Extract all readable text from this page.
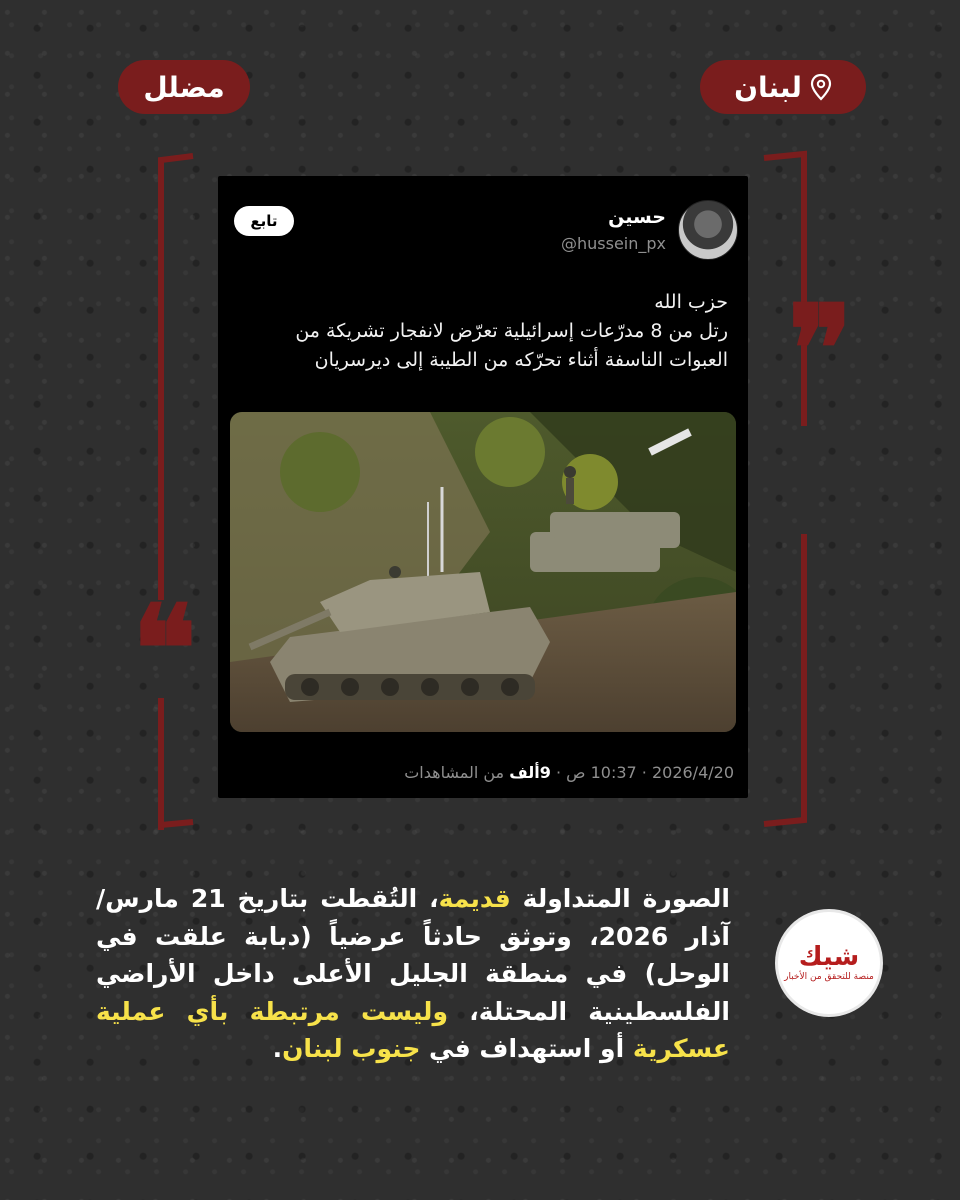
لبنان
مضلل
❝
❞
حسين
@hussein_px
تابع
حزب الله
رتل من 8 مدرّعات إسرائيلية تعرّض لانفجار تشريكة من
العبوات الناسفة أثناء تحرّكه من الطيبة إلى ديرسريان
2026/4/20 · 10:37 ص · 9ألف من المشاهدات
شيك
منصة للتحقق من الأخبار
الصورة المتداولة قديمة، التُقطت بتاريخ 21 مارس/آذار 2026، وتوثق حادثاً عرضياً (دبابة علقت في الوحل) في منطقة الجليل الأعلى داخل الأراضي الفلسطينية المحتلة، وليست مرتبطة بأي عملية عسكرية أو استهداف في جنوب لبنان.
